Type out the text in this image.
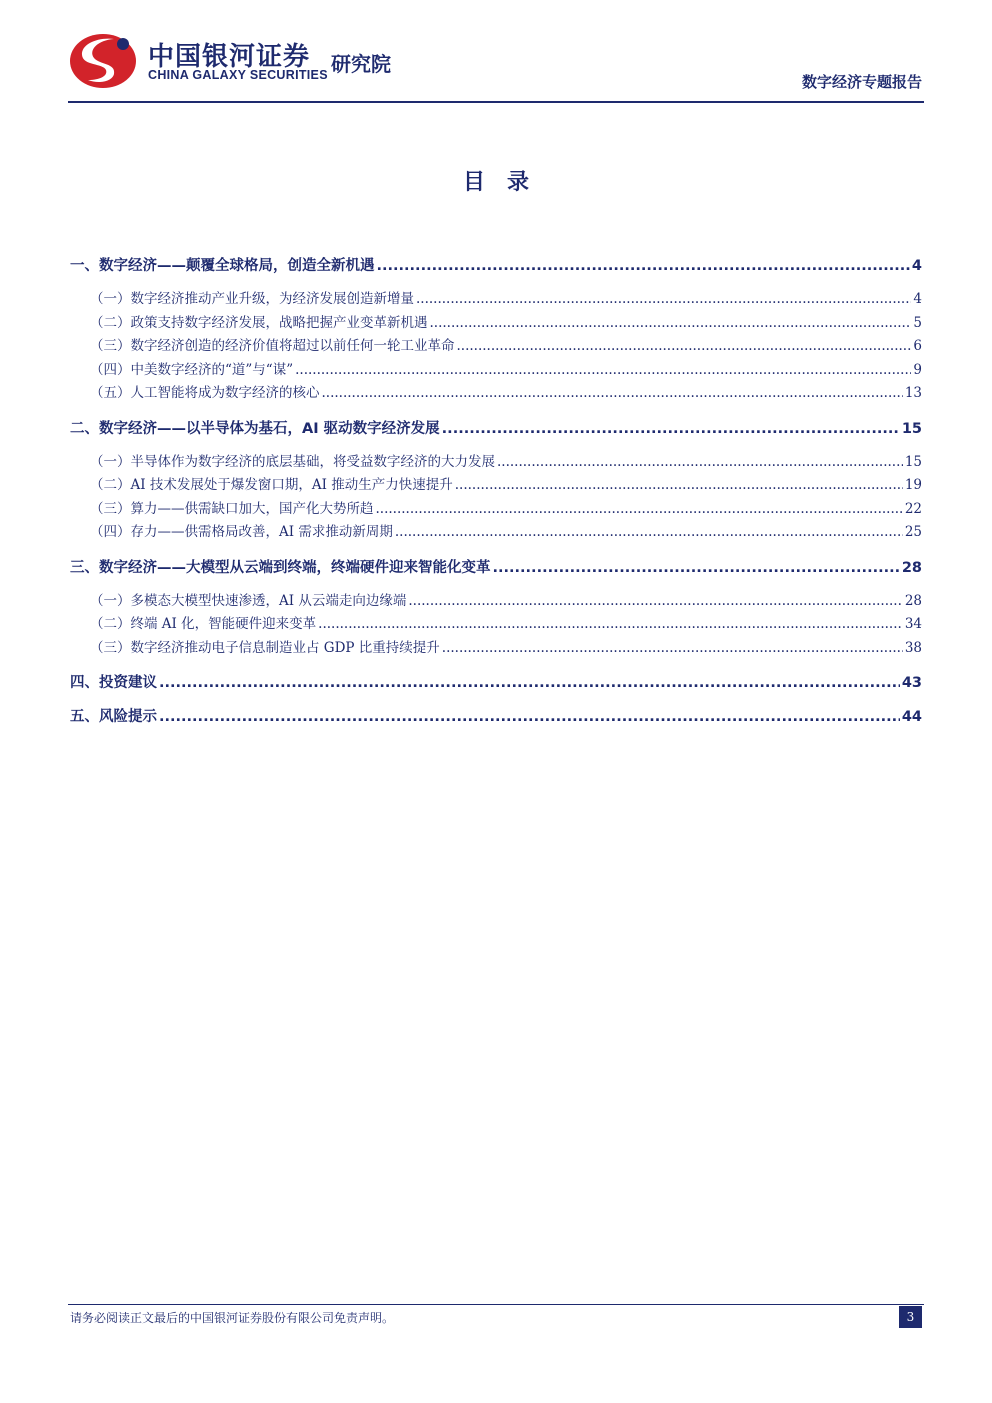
中国银河证券
CHINA GALAXY SECURITIES 研究院
数字经济专题报告
目录
一、数字经济——颠覆全球格局，创造全新机遇 .....	4
（一）数字经济推动产业升级，为经济发展创造新增量 .....	4
（二）政策支持数字经济发展，战略把握产业变革新机遇 .....	5
（三）数字经济创造的经济价值将超过以前任何一轮工业革命 .....	6
（四）中美数字经济的“道”与“谋” .....	9
（五）人工智能将成为数字经济的核心 .....	13
二、数字经济——以半导体为基石，AI 驱动数字经济发展 .....	15
（一）半导体作为数字经济的底层基础，将受益数字经济的大力发展 .....	15
（二）AI 技术发展处于爆发窗口期，AI 推动生产力快速提升 .....	19
（三）算力——供需缺口加大，国产化大势所趋 .....	22
（四）存力——供需格局改善，AI 需求推动新周期 .....	25
三、数字经济——大模型从云端到终端，终端硬件迎来智能化变革 .....	28
（一）多模态大模型快速渗透，AI 从云端走向边缘端 .....	28
（二）终端 AI 化，智能硬件迎来变革 .....	34
（三）数字经济推动电子信息制造业占 GDP 比重持续提升 .....	38
四、投资建议 .....	43
五、风险提示 .....	44
请务必阅读正文最后的中国银河证券股份有限公司免责声明。	3
